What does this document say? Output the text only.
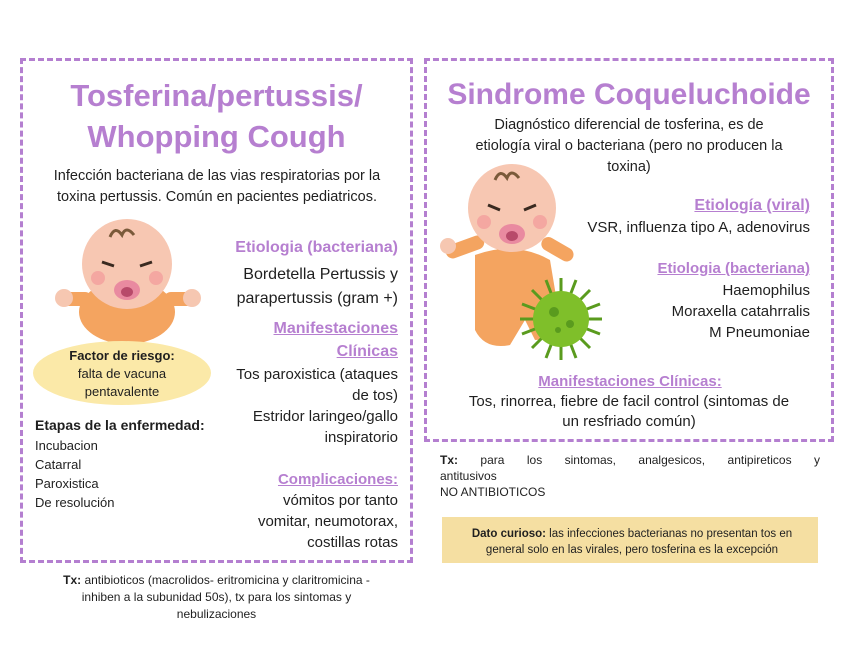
Tosferina/pertussis/
Whopping Cough
Infección bacteriana de las vias respiratorias por la toxina pertussis. Común en pacientes pediatricos.
Etiologia (bacteriana)
Bordetella Pertussis y parapertussis (gram +)
Manifestaciones
Clínicas
Tos paroxistica (ataques
de tos)
Estridor laringeo/gallo
inspiratorio
Factor de riesgo:
falta de vacuna
pentavalente
Etapas de la enfermedad:
Incubacion
Catarral
Paroxistica
De resolución
Complicaciones:
vómitos por tanto
vomitar, neumotorax,
costillas rotas
Tx: antibioticos (macrolidos- eritromicina y claritromicina -
inhiben a la subunidad 50s), tx para los sintomas y
nebulizaciones
Sindrome Coqueluchoide
Diagnóstico diferencial de tosferina, es de
etiología viral o bacteriana (pero no producen la
toxina)
Etiología (viral)
VSR, influenza tipo A, adenovirus
Etiologia (bacteriana)
Haemophilus
Moraxella catahrralis
M Pneumoniae
Manifestaciones Clínicas:
Tos, rinorrea, fiebre de facil control (sintomas de
un resfriado común)
Tx: para los sintomas, analgesicos, antipireticos y
antitusivos
NO ANTIBIOTICOS
Dato curioso: las infecciones bacterianas no presentan tos en
general solo en las virales, pero tosferina es la excepción
